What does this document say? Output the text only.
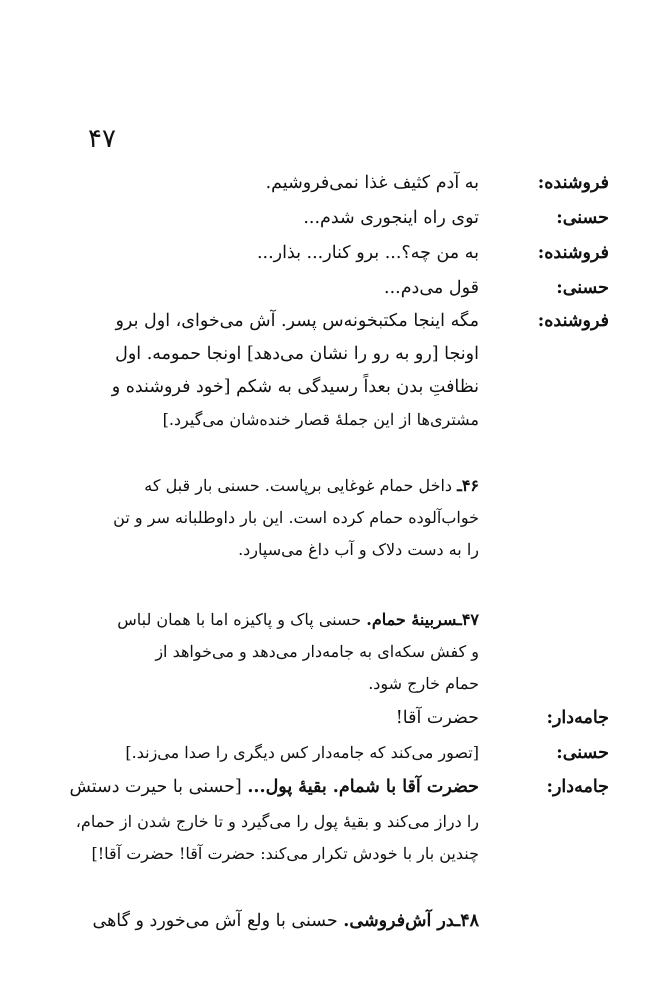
۴۷
فروشنده:
به آدم کثیف غذا نمی‌فروشیم.
حسنی:
توی راه اینجوری شدم...
فروشنده:
به من چه؟... برو کنار... بذار...
حسنی:
قول می‌دم...
فروشنده:
مگه اینجا مکتبخونه‌س پسر. آش می‌خوای، اول برو
اونجا [رو به رو را نشان می‌دهد] اونجا حمومه. اول
نظافتِ بدن بعداً رسیدگی به شکم [خود فروشنده و
مشتری‌ها از این جملهٔ قصار خنده‌شان می‌گیرد.]
۴۶ـ داخل حمام غوغایی برپاست. حسنی بار قبل که
خواب‌آلوده حمام کرده است. این بار داوطلبانه سر و تن
را به دست دلاک و آب داغ می‌سپارد.
۴۷ـسربینهٔ حمام. حسنی پاک و پاکیزه اما با همان لباس
و کفش سکه‌ای به جامه‌دار می‌دهد و می‌خواهد از
حمام خارج شود.
جامه‌دار:
حضرت آقا!
حسنی:
[تصور می‌کند که جامه‌دار کس دیگری را صدا می‌زند.]
جامه‌دار:
حضرت آقا با شمام. بقیهٔ پول... [حسنی با حیرت دستش
را دراز می‌کند و بقیهٔ پول را می‌گیرد و تا خارج شدن از حمام،
چندین بار با خودش تکرار می‌کند: حضرت آقا! حضرت آقا!]
۴۸ـدر آش‌فروشی. حسنی با ولع آش می‌خورد و گاهی
